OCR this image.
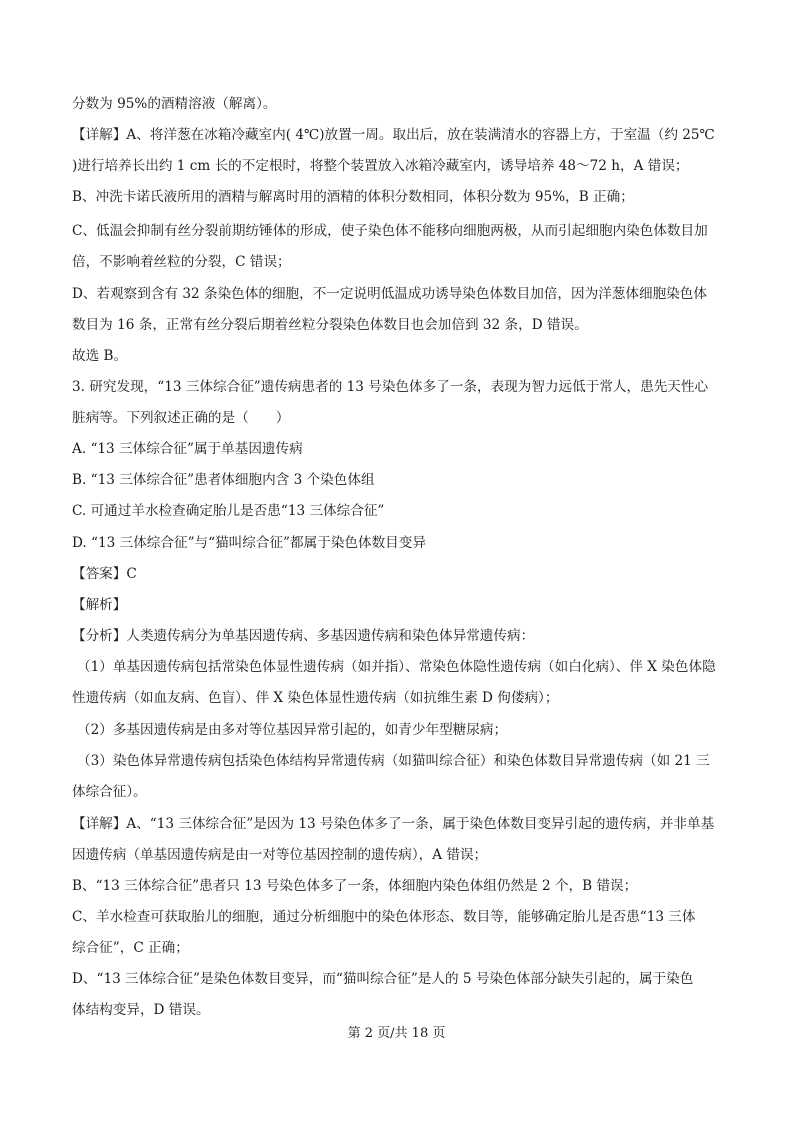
分数为 95%的酒精溶液（解离）。
【详解】A、将洋葱在冰箱冷藏室内( 4℃)放置一周。取出后，放在装满清水的容器上方，于室温（约 25℃
)进行培养长出约 1 cm 长的不定根时，将整个装置放入冰箱冷藏室内，诱导培养 48～72 h，A 错误；
B、冲洗卡诺氏液所用的酒精与解离时用的酒精的体积分数相同，体积分数为 95%，B 正确；
C、低温会抑制有丝分裂前期纺锤体的形成，使子染色体不能移向细胞两极，从而引起细胞内染色体数目加
倍，不影响着丝粒的分裂，C 错误；
D、若观察到含有 32 条染色体的细胞，不一定说明低温成功诱导染色体数目加倍，因为洋葱体细胞染色体
数目为 16 条，正常有丝分裂后期着丝粒分裂染色体数目也会加倍到 32 条，D 错误。
故选 B。
3. 研究发现，“13 三体综合征”遗传病患者的 13 号染色体多了一条，表现为智力远低于常人，患先天性心
脏病等。下列叙述正确的是（　　）
A. “13 三体综合征”属于单基因遗传病
B. “13 三体综合征”患者体细胞内含 3 个染色体组
C. 可通过羊水检查确定胎儿是否患“13 三体综合征”
D. “13 三体综合征”与“猫叫综合征”都属于染色体数目变异
【答案】C
【解析】
【分析】人类遗传病分为单基因遗传病、多基因遗传病和染色体异常遗传病：
（1）单基因遗传病包括常染色体显性遗传病（如并指）、常染色体隐性遗传病（如白化病）、伴 X 染色体隐
性遗传病（如血友病、色盲）、伴 X 染色体显性遗传病（如抗维生素 D 佝偻病）；
（2）多基因遗传病是由多对等位基因异常引起的，如青少年型糖尿病；
（3）染色体异常遗传病包括染色体结构异常遗传病（如猫叫综合征）和染色体数目异常遗传病（如 21 三
体综合征）。
【详解】A、“13 三体综合征”是因为 13 号染色体多了一条，属于染色体数目变异引起的遗传病，并非单基
因遗传病（单基因遗传病是由一对等位基因控制的遗传病），A 错误；
B、“13 三体综合征”患者只 13 号染色体多了一条，体细胞内染色体组仍然是 2 个，B 错误；
C、羊水检查可获取胎儿的细胞，通过分析细胞中的染色体形态、数目等，能够确定胎儿是否患“13 三体
综合征”，C 正确；
D、“13 三体综合征”是染色体数目变异，而“猫叫综合征”是人的 5 号染色体部分缺失引起的，属于染色
体结构变异，D 错误。
第 2 页/共 18 页
